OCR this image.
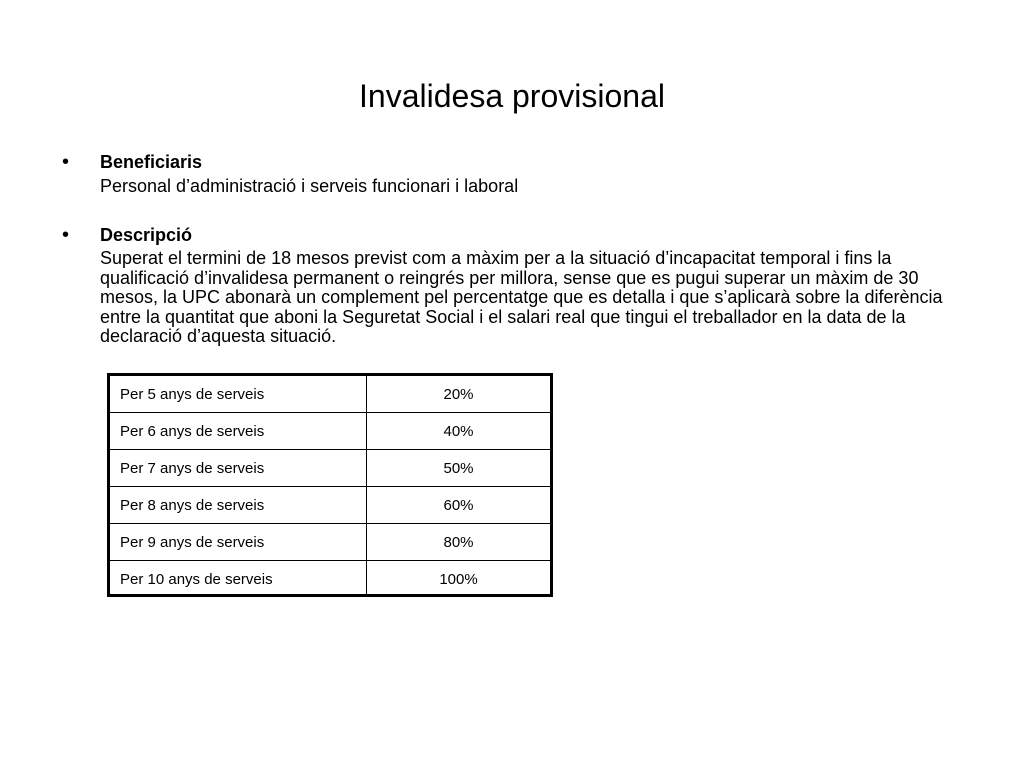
Invalidesa provisional
• Beneficiaris
Personal d’administració i serveis funcionari i laboral
• Descripció
Superat el termini de 18 mesos previst com a màxim per a la situació d’incapacitat temporal i fins la qualificació d’invalidesa permanent o reingrés per millora, sense que es pugui superar un màxim de 30 mesos, la UPC abonarà un complement pel percentatge que es detalla i que s’aplicarà sobre la diferència entre la quantitat que aboni la Seguretat Social i el salari real que tingui el treballador en la data de la declaració d’aquesta situació.
Per 5 anys de serveis	20%
Per 6 anys de serveis	40%
Per 7 anys de serveis	50%
Per 8 anys de serveis	60%
Per 9 anys de serveis	80%
Per 10 anys de serveis	100%
